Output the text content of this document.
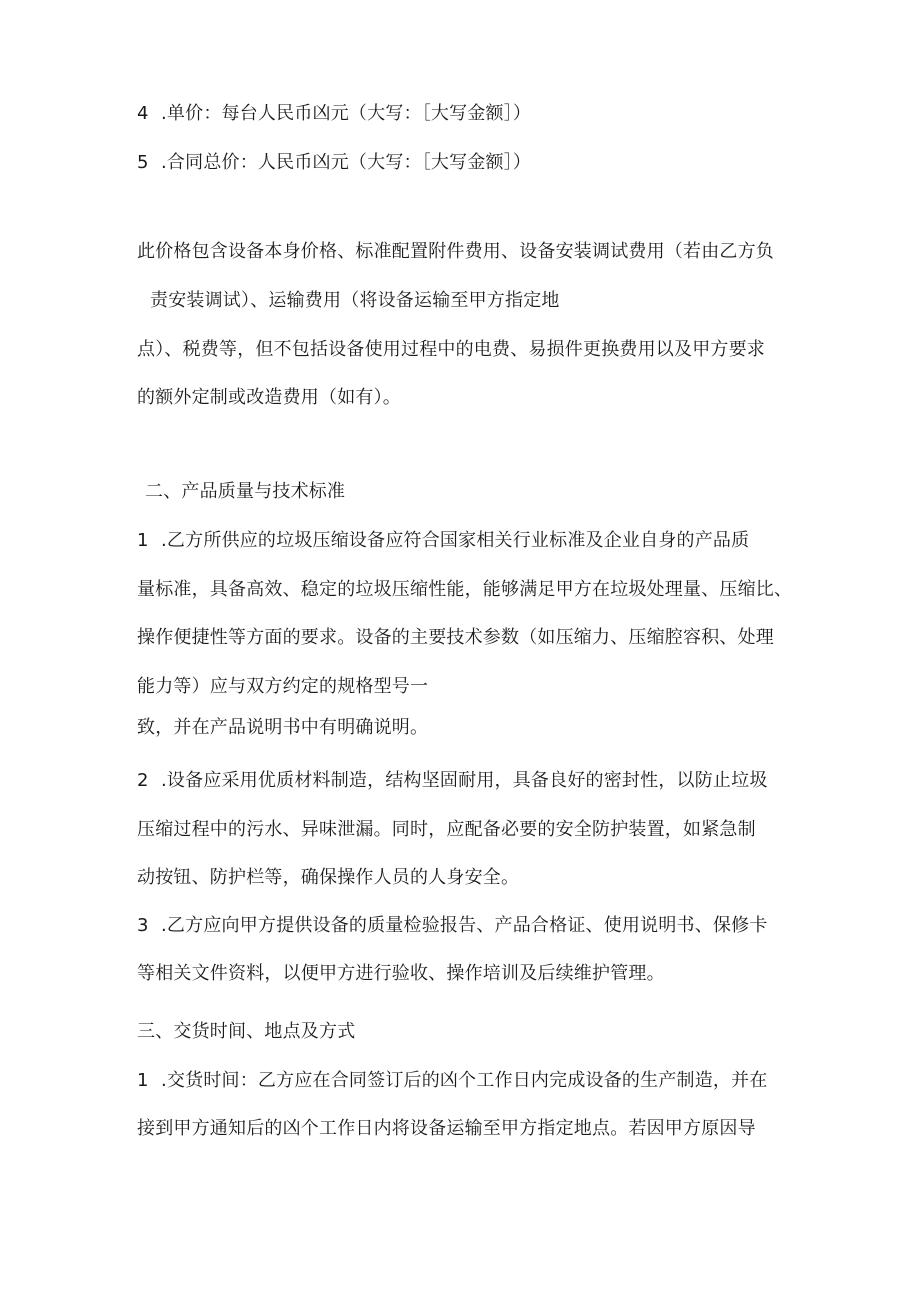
4 .单价：每台人民币凶元（大写：［大写金额］）
5 .合同总价：人民币凶元（大写：［大写金额］）
此价格包含设备本身价格、标准配置附件费用、设备安装调试费用（若由乙方负
责安装调试）、运输费用（将设备运输至甲方指定地
点）、税费等，但不包括设备使用过程中的电费、易损件更换费用以及甲方要求
的额外定制或改造费用（如有）。
二、产品质量与技术标准
1 .乙方所供应的垃圾压缩设备应符合国家相关行业标准及企业自身的产品质
量标准，具备高效、稳定的垃圾压缩性能，能够满足甲方在垃圾处理量、压缩比、
操作便捷性等方面的要求。设备的主要技术参数（如压缩力、压缩腔容积、处理
能力等）应与双方约定的规格型号一
致，并在产品说明书中有明确说明。
2 .设备应采用优质材料制造，结构坚固耐用，具备良好的密封性，以防止垃圾
压缩过程中的污水、异味泄漏。同时，应配备必要的安全防护装置，如紧急制
动按钮、防护栏等，确保操作人员的人身安全。
3 .乙方应向甲方提供设备的质量检验报告、产品合格证、使用说明书、保修卡
等相关文件资料，以便甲方进行验收、操作培训及后续维护管理。
三、交货时间、地点及方式
1 .交货时间：乙方应在合同签订后的凶个工作日内完成设备的生产制造，并在
接到甲方通知后的凶个工作日内将设备运输至甲方指定地点。若因甲方原因导
